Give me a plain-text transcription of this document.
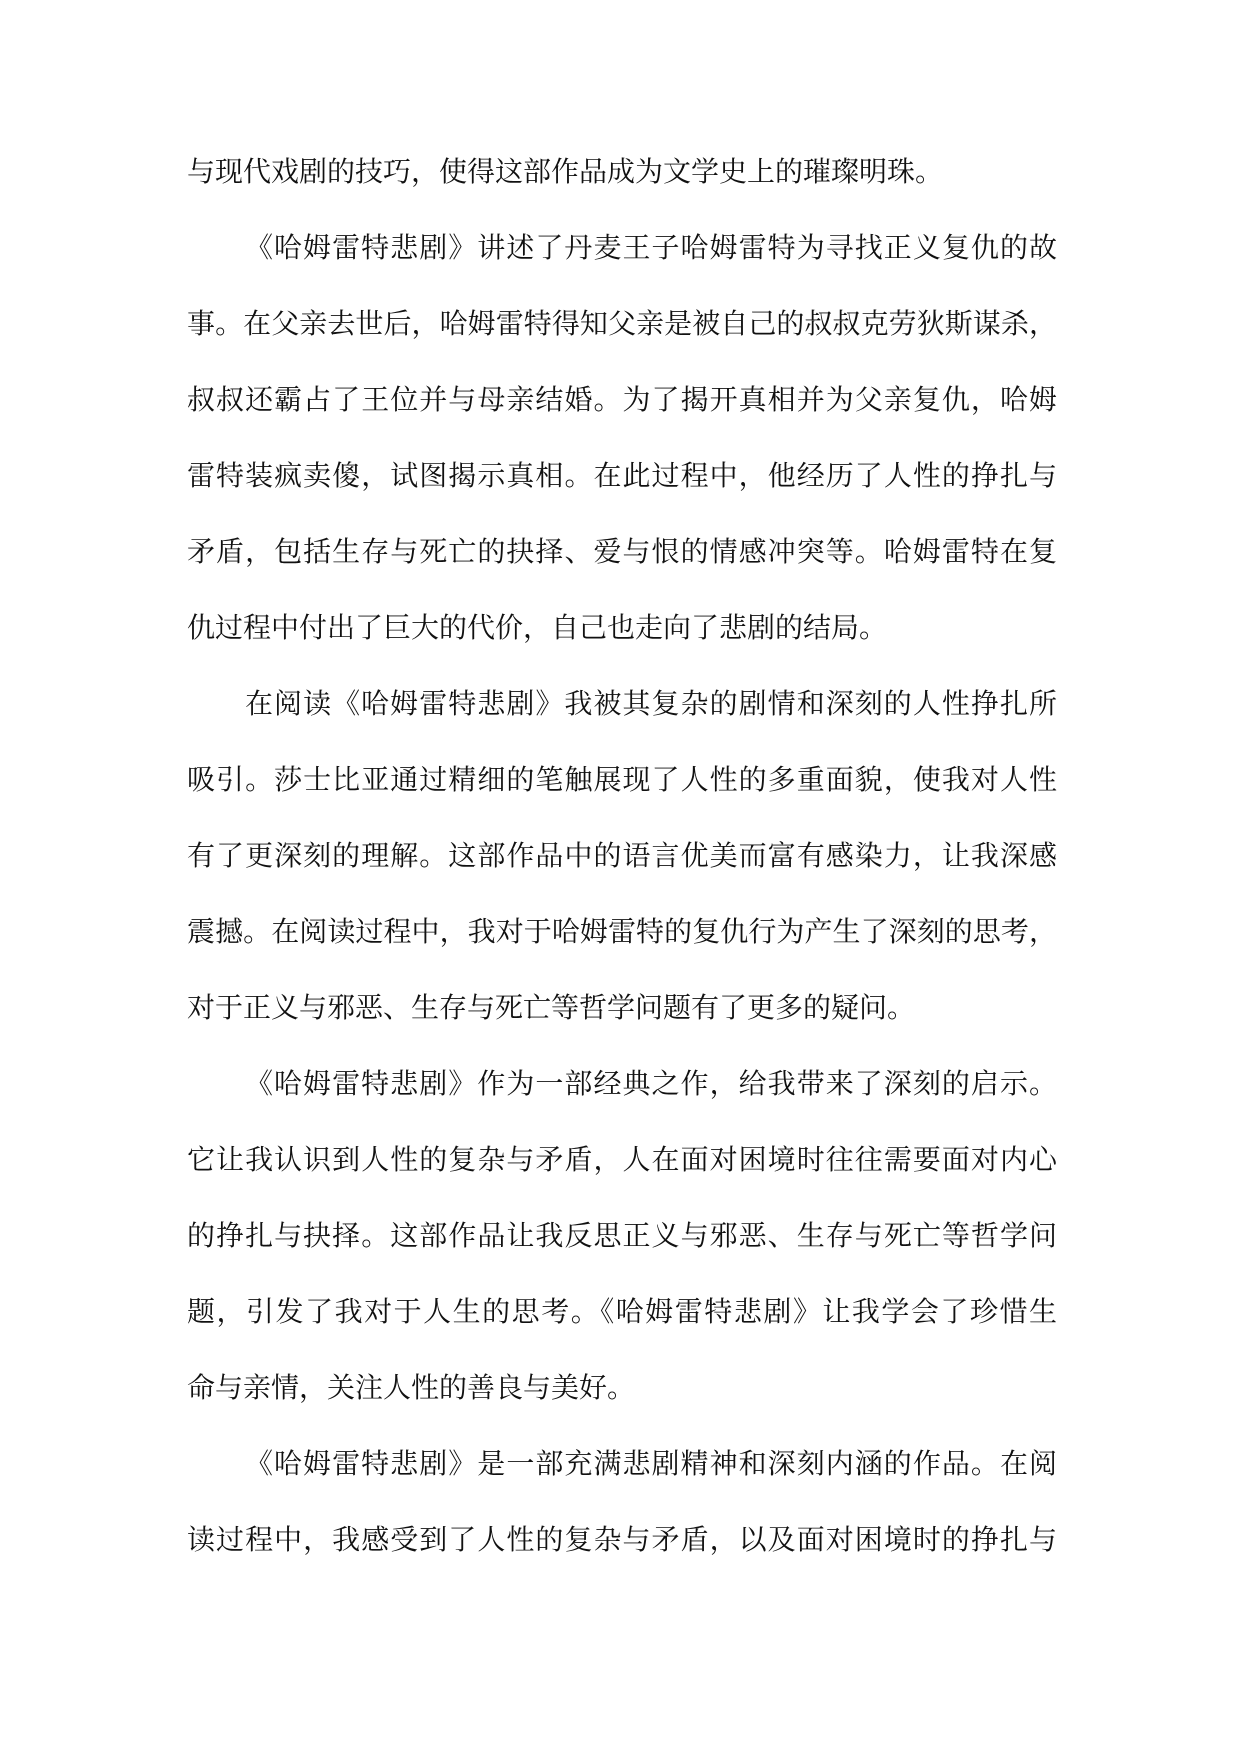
与现代戏剧的技巧，使得这部作品成为文学史上的璀璨明珠。
《哈姆雷特悲剧》讲述了丹麦王子哈姆雷特为寻找正义复仇的故
事。在父亲去世后，哈姆雷特得知父亲是被自己的叔叔克劳狄斯谋杀，
叔叔还霸占了王位并与母亲结婚。为了揭开真相并为父亲复仇，哈姆
雷特装疯卖傻，试图揭示真相。在此过程中，他经历了人性的挣扎与
矛盾，包括生存与死亡的抉择、爱与恨的情感冲突等。哈姆雷特在复
仇过程中付出了巨大的代价，自己也走向了悲剧的结局。
在阅读《哈姆雷特悲剧》我被其复杂的剧情和深刻的人性挣扎所
吸引。莎士比亚通过精细的笔触展现了人性的多重面貌，使我对人性
有了更深刻的理解。这部作品中的语言优美而富有感染力，让我深感
震撼。在阅读过程中，我对于哈姆雷特的复仇行为产生了深刻的思考，
对于正义与邪恶、生存与死亡等哲学问题有了更多的疑问。
《哈姆雷特悲剧》作为一部经典之作，给我带来了深刻的启示。
它让我认识到人性的复杂与矛盾，人在面对困境时往往需要面对内心
的挣扎与抉择。这部作品让我反思正义与邪恶、生存与死亡等哲学问
题，引发了我对于人生的思考。《哈姆雷特悲剧》让我学会了珍惜生
命与亲情，关注人性的善良与美好。
《哈姆雷特悲剧》是一部充满悲剧精神和深刻内涵的作品。在阅
读过程中，我感受到了人性的复杂与矛盾，以及面对困境时的挣扎与
